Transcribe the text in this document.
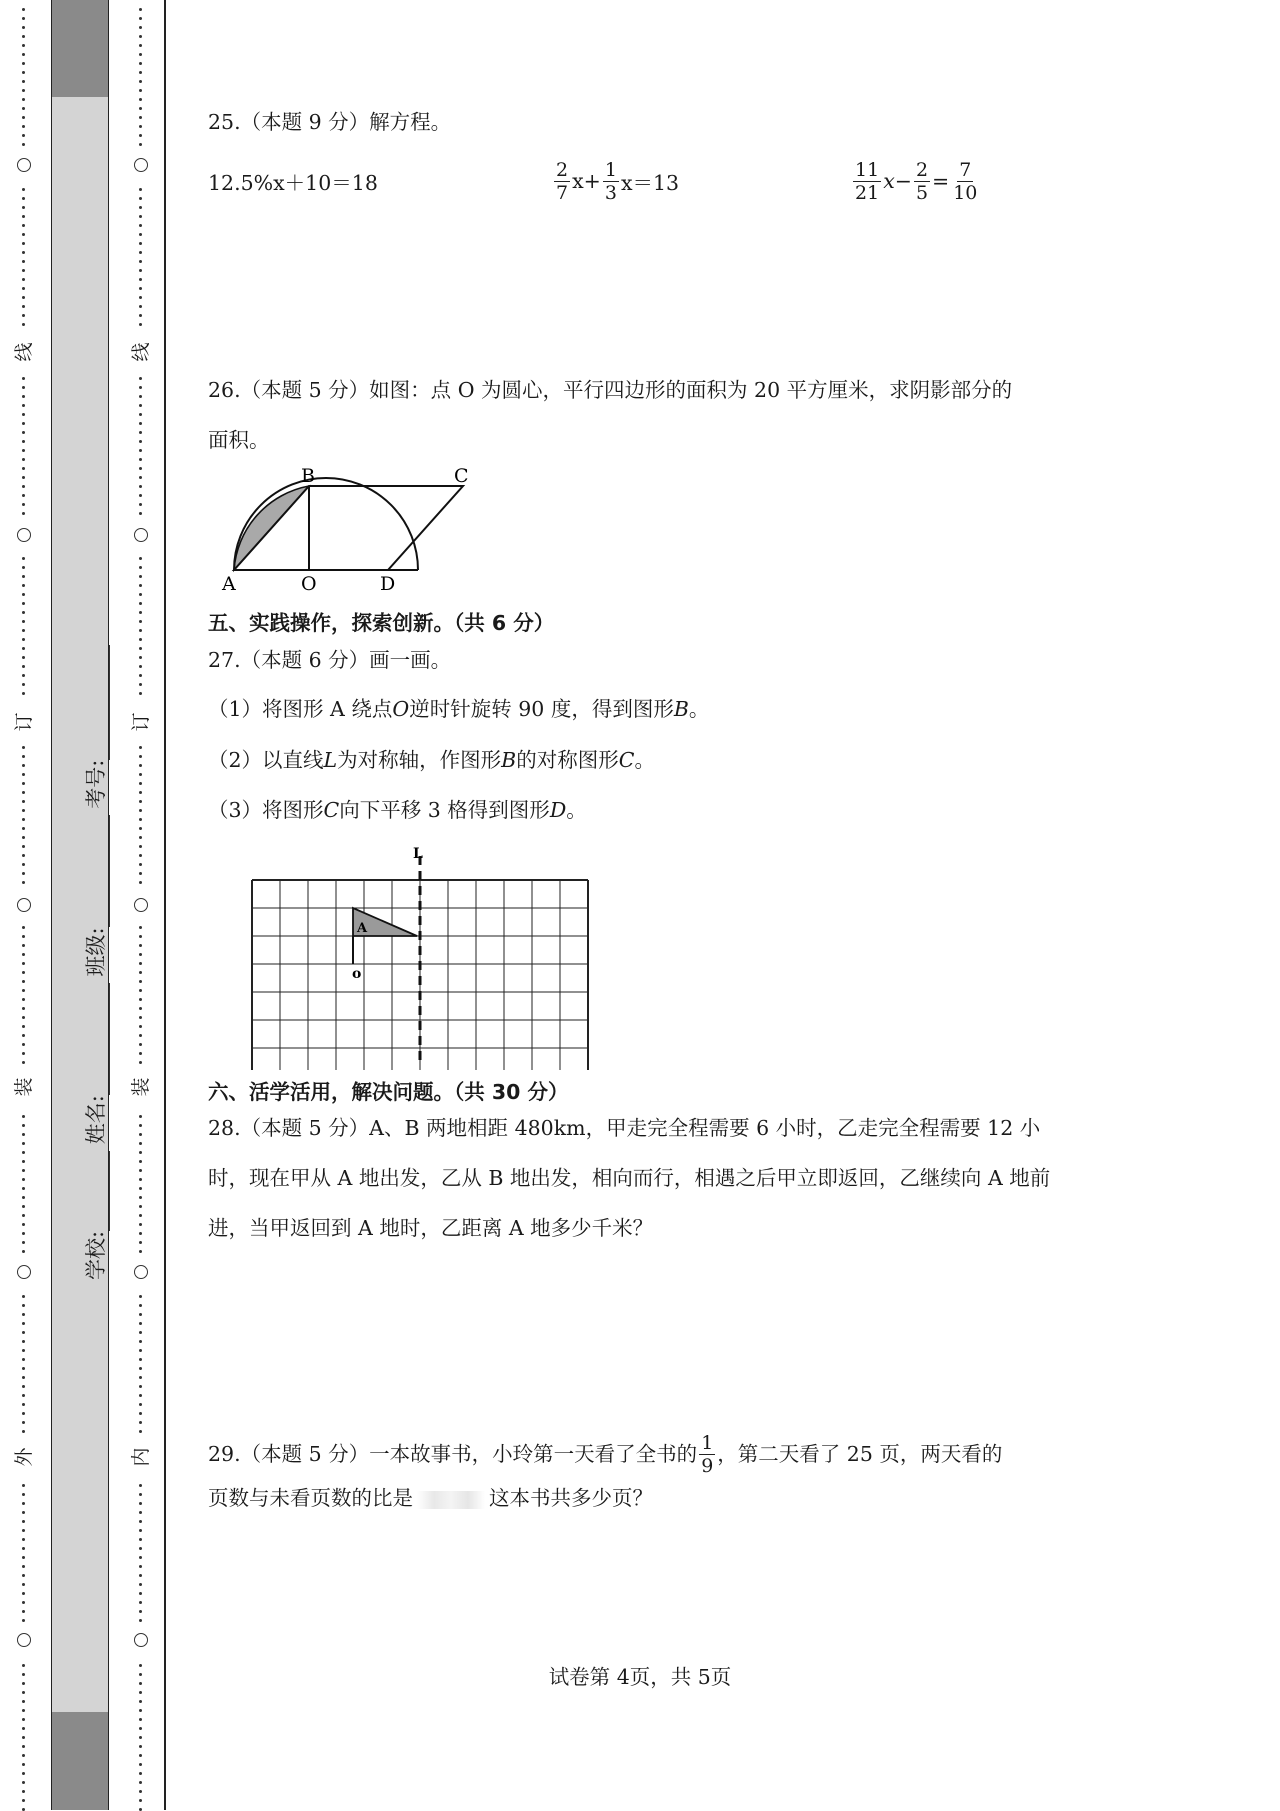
线
订
装
外
线
订
装
内
学校: 姓名: 班级: 考号:
25.（本题 9 分）解方程。
12.5%x＋10＝18	$\frac{2}{7}$ $x + \frac{1}{3} x=13$	$\frac{11}{21}$ $x - \frac{2}{5} = \frac{7}{10}$
26.（本题 5 分）如图：点 O 为圆心，平行四边形的面积为 20 平方厘米，求阴影部分的
面积。
B	C
A	O	D
五、实践操作，探索创新。（共 6 分）
27.（本题 6 分）画一画。
（1）将图形 A 绕点O逆时针旋转 90 度，得到图形B。
（2）以直线L为对称轴，作图形B的对称图形C。
（3）将图形C向下平移 3 格得到图形D。
A
o
L
六、活学活用，解决问题。（共 30 分）
28.（本题 5 分）A、B 两地相距 480km，甲走完全程需要 6 小时，乙走完全程需要 12 小时，现在甲从 A 地出发，乙从 B 地出发，相向而行，相遇之后甲立即返回，乙继续向 A 地前进，当甲返回到 A 地时，乙距离 A 地多少千米？
29.（本题 5 分）一本故事书，小玲第一天看了全书的 $\frac{1}{9}$ ，第二天看了 25 页，两天看的
页数与未看页数的比是	这本书共多少页？
试卷第 4页，共 5页
